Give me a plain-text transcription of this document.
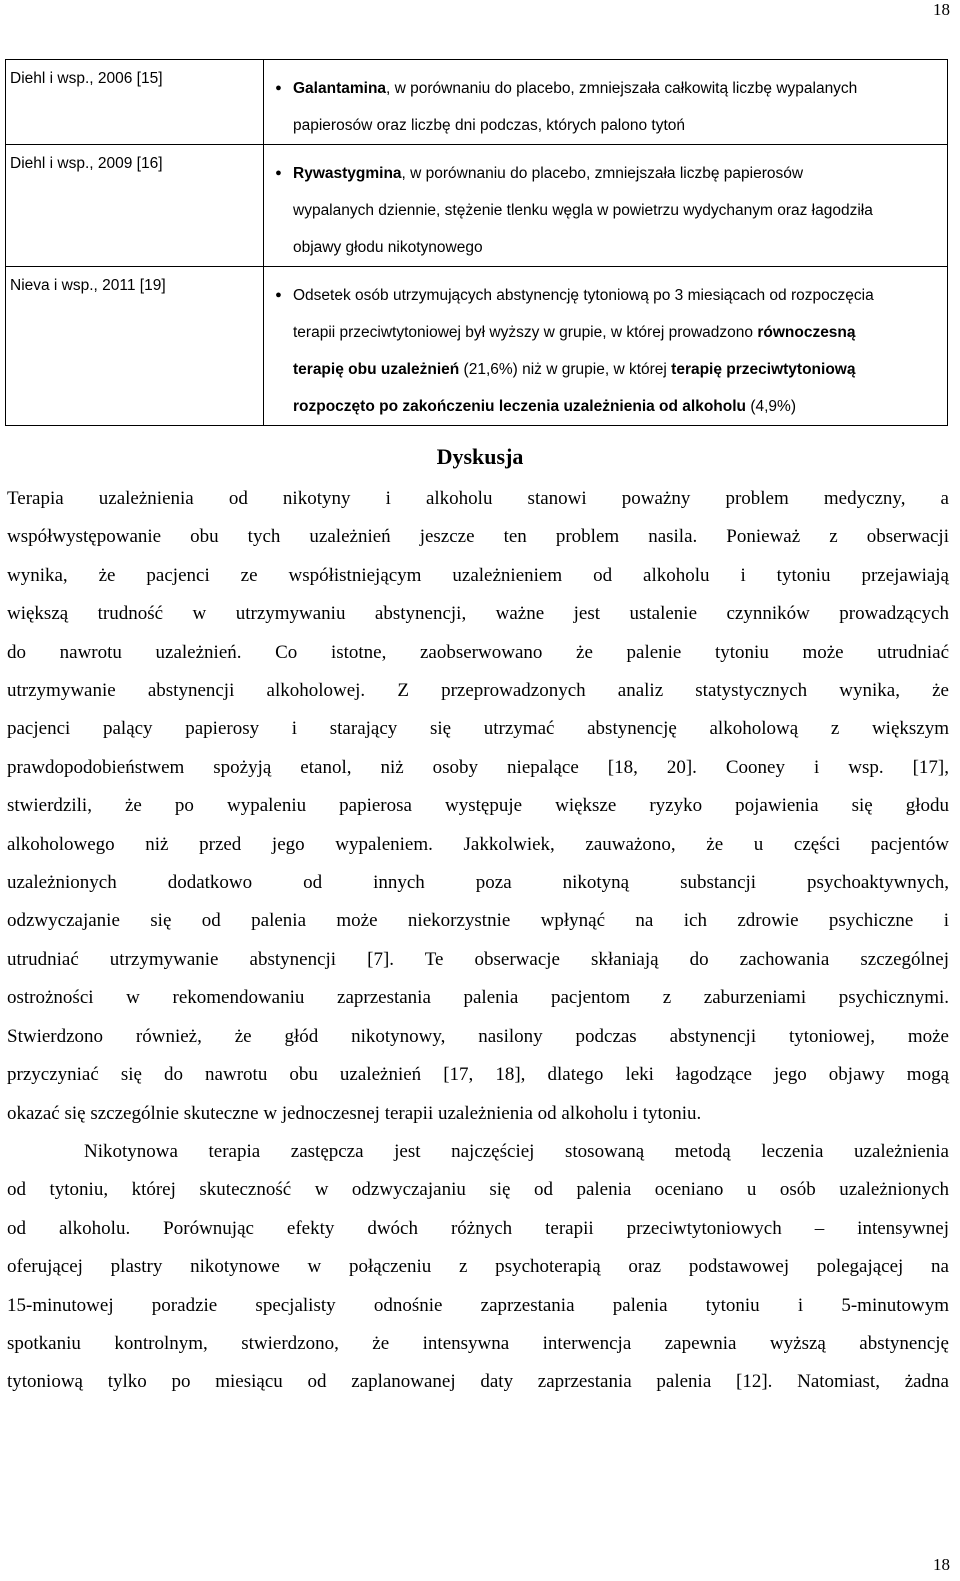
18
Diehl i wsp., 2006 [15]	● Galantamina, w porównaniu do placebo, zmniejszała całkowitą liczbę wypalanych
papierosów oraz liczbę dni podczas, których palono tytoń

Diehl i wsp., 2009 [16]	● Rywastygmina, w porównaniu do placebo, zmniejszała liczbę papierosów
wypalanych dziennie, stężenie tlenku węgla w powietrzu wydychanym oraz łagodziła
objawy głodu nikotynowego

Nieva i wsp., 2011 [19]	● Odsetek osób utrzymujących abstynencję tytoniową po 3 miesiącach od rozpoczęcia
terapii przeciwtytoniowej był wyższy w grupie, w której prowadzono równoczesną
terapię obu uzależnień (21,6%) niż w grupie, w której terapię przeciwtytoniową
rozpoczęto po zakończeniu leczenia uzależnienia od alkoholu (4,9%)
Dyskusja

Terapia uzależnienia od nikotyny i alkoholu stanowi poważny problem medyczny, a
współwystępowanie obu tych uzależnień jeszcze ten problem nasila. Ponieważ z obserwacji
wynika, że pacjenci ze współistniejącym uzależnieniem od alkoholu i tytoniu przejawiają
większą trudność w utrzymywaniu abstynencji, ważne jest ustalenie czynników prowadzących
do nawrotu uzależnień. Co istotne, zaobserwowano że palenie tytoniu może utrudniać
utrzymywanie abstynencji alkoholowej. Z przeprowadzonych analiz statystycznych wynika, że
pacjenci palący papierosy i starający się utrzymać abstynencję alkoholową z większym
prawdopodobieństwem spożyją etanol, niż osoby niepalące [18, 20]. Cooney i wsp. [17],
stwierdzili, że po wypaleniu papierosa występuje większe ryzyko pojawienia się głodu
alkoholowego niż przed jego wypaleniem. Jakkolwiek, zauważono, że u części pacjentów
uzależnionych dodatkowo od innych poza nikotyną substancji psychoaktywnych,
odzwyczajanie się od palenia może niekorzystnie wpłynąć na ich zdrowie psychiczne i
utrudniać utrzymywanie abstynencji [7]. Te obserwacje skłaniają do zachowania szczególnej
ostrożności w rekomendowaniu zaprzestania palenia pacjentom z zaburzeniami psychicznymi.
Stwierdzono również, że głód nikotynowy, nasilony podczas abstynencji tytoniowej, może
przyczyniać się do nawrotu obu uzależnień [17, 18], dlatego leki łagodzące jego objawy mogą
okazać się szczególnie skuteczne w jednoczesnej terapii uzależnienia od alkoholu i tytoniu.

Nikotynowa terapia zastępcza jest najczęściej stosowaną metodą leczenia uzależnienia
od tytoniu, której skuteczność w odzwyczajaniu się od palenia oceniano u osób uzależnionych
od alkoholu. Porównując efekty dwóch różnych terapii przeciwtytoniowych – intensywnej
oferującej plastry nikotynowe w połączeniu z psychoterapią oraz podstawowej polegającej na
15-minutowej poradzie specjalisty odnośnie zaprzestania palenia tytoniu i 5-minutowym
spotkaniu kontrolnym, stwierdzono, że intensywna interwencja zapewnia wyższą abstynencję
tytoniową tylko po miesiącu od zaplanowanej daty zaprzestania palenia [12]. Natomiast, żadna

18
